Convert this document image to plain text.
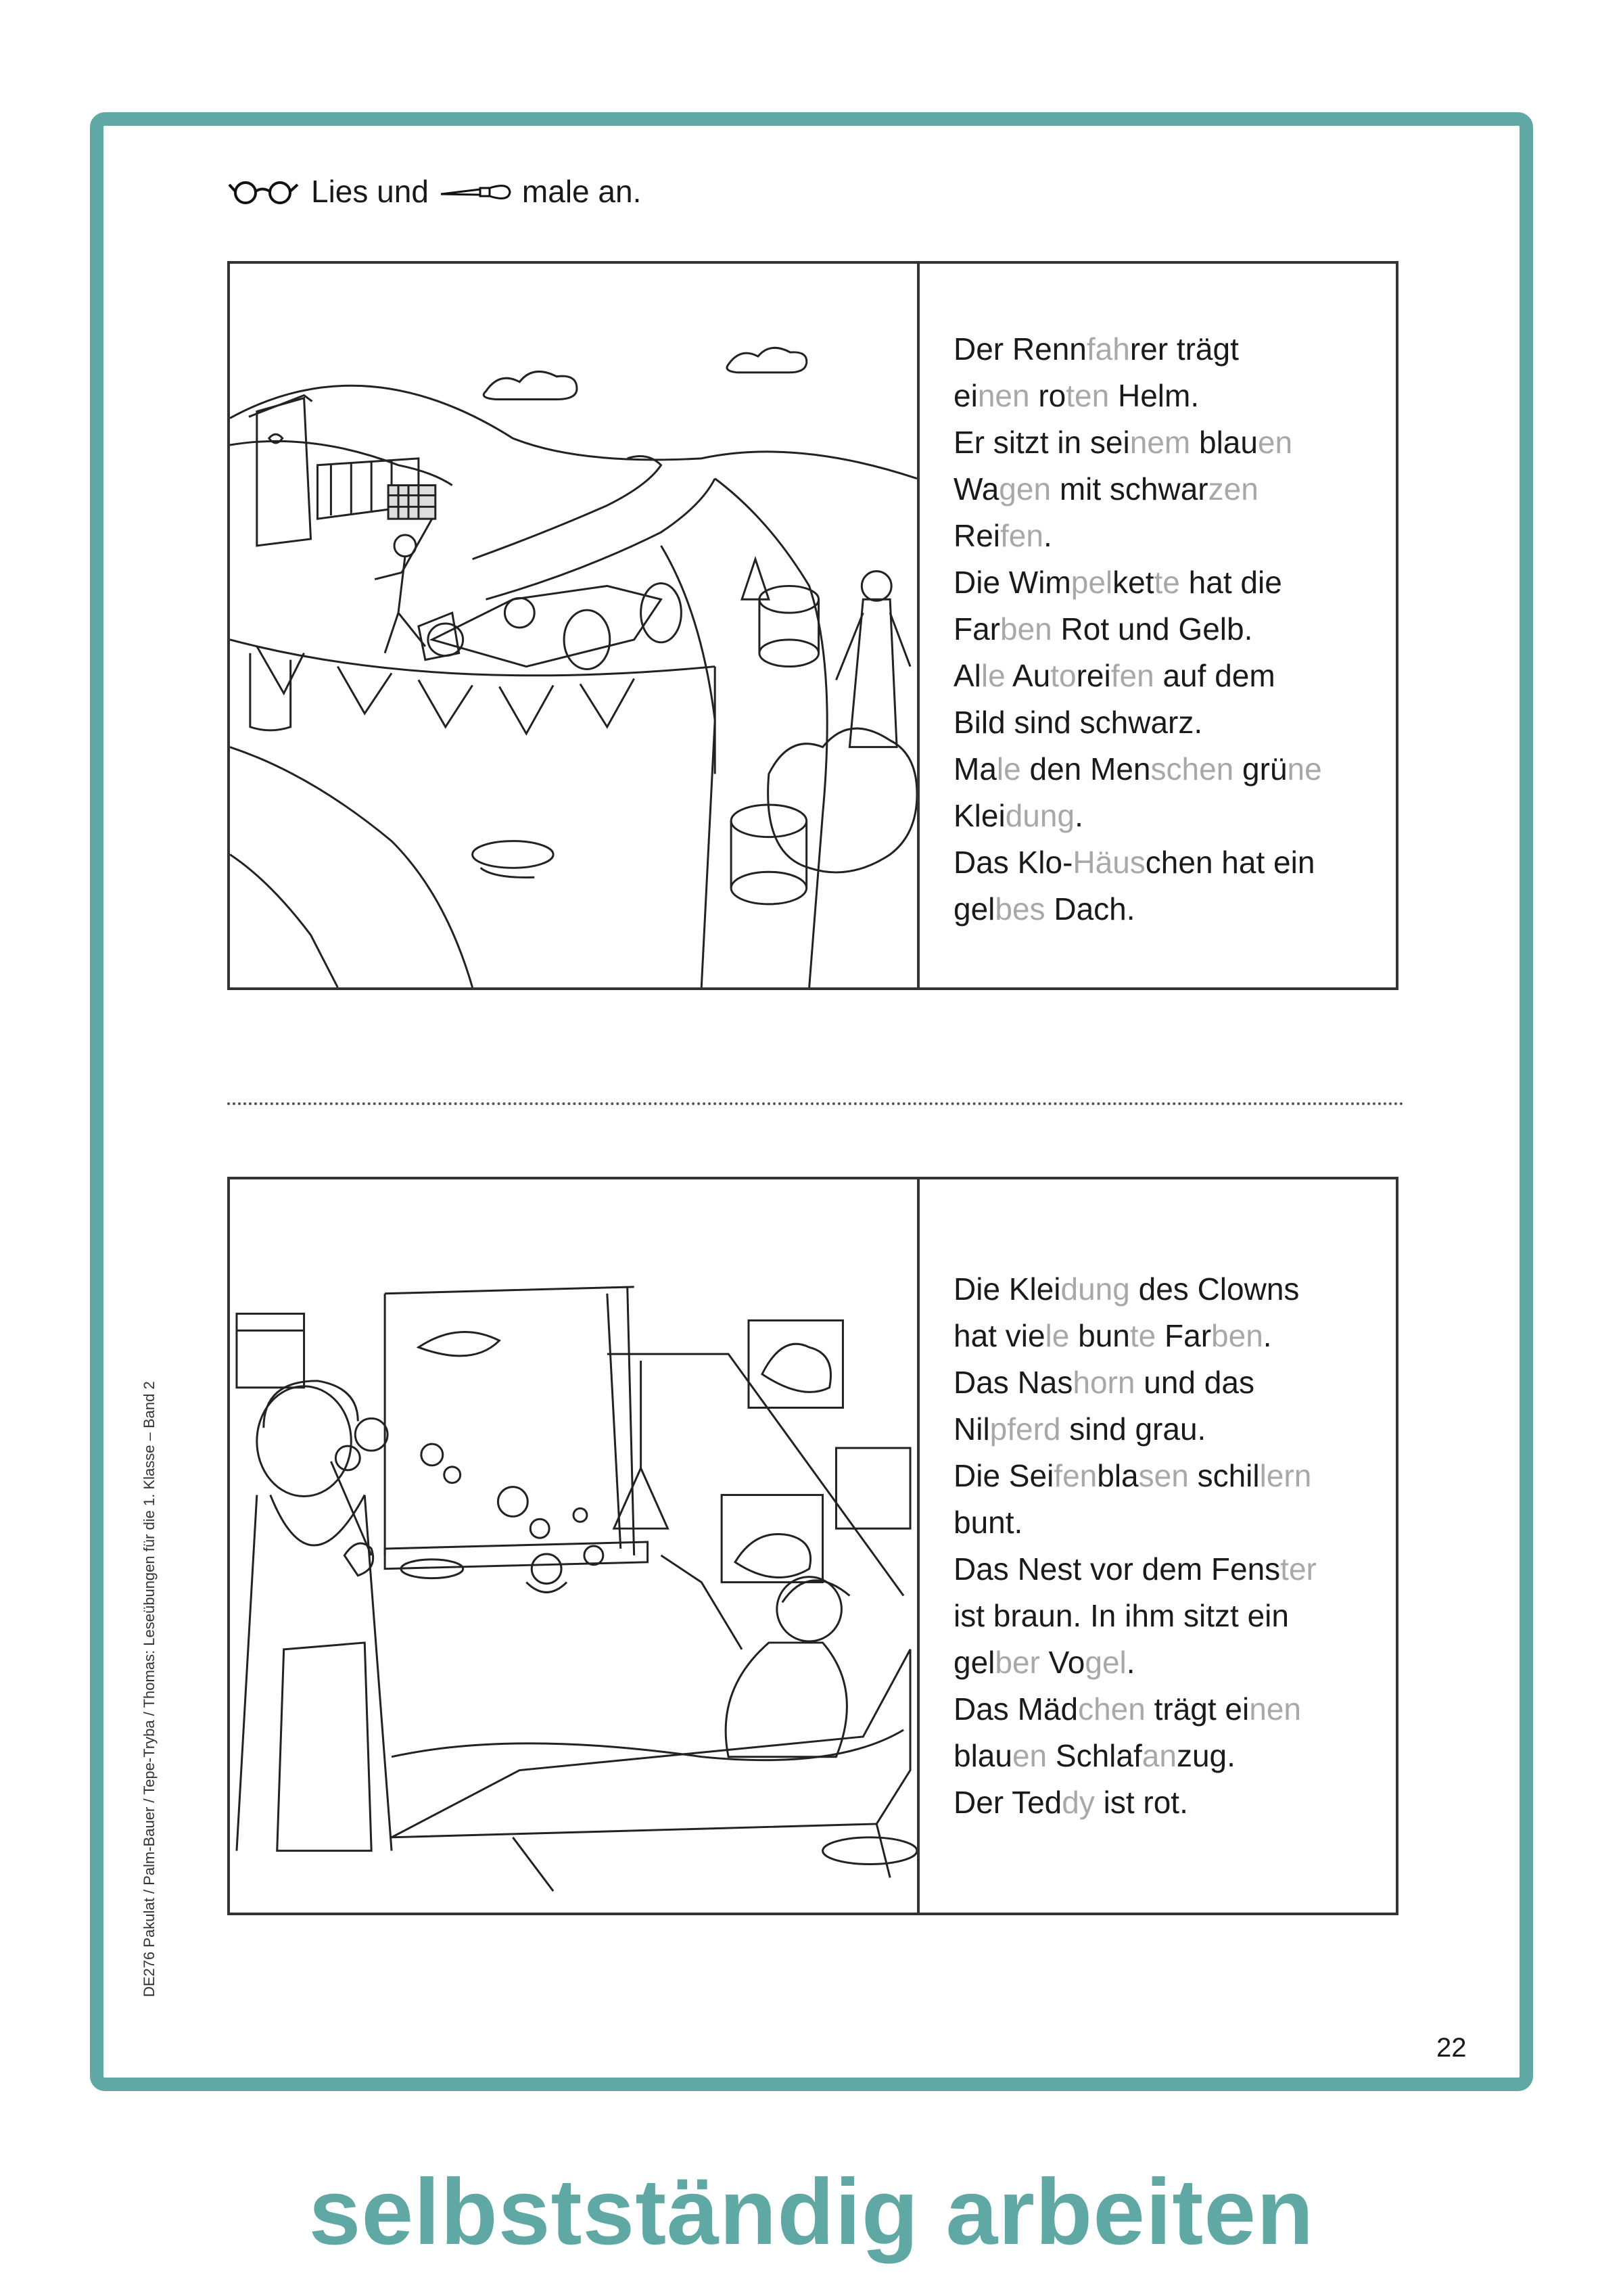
Lies und	male an.
Der Rennfahrer trägt
einen roten Helm.
Er sitzt in seinem blauen
Wagen mit schwarzen
Reifen.
Die Wimpelkette hat die
Farben Rot und Gelb.
Alle Autoreifen auf dem
Bild sind schwarz.
Male den Menschen grüne
Kleidung.
Das Klo-Häuschen hat ein
gelbes Dach.
Die Kleidung des Clowns
hat viele bunte Farben.
Das Nashorn und das
Nilpferd sind grau.
Die Seifenblasen schillern
bunt.
Das Nest vor dem Fenster
ist braun. In ihm sitzt ein
gelber Vogel.
Das Mädchen trägt einen
blauen Schlafanzug.
Der Teddy ist rot.
DE276 Pakulat / Palm-Bauer / Tepe-Tryba / Thomas: Leseübungen für die 1. Klasse – Band 2
22
selbstständig arbeiten
